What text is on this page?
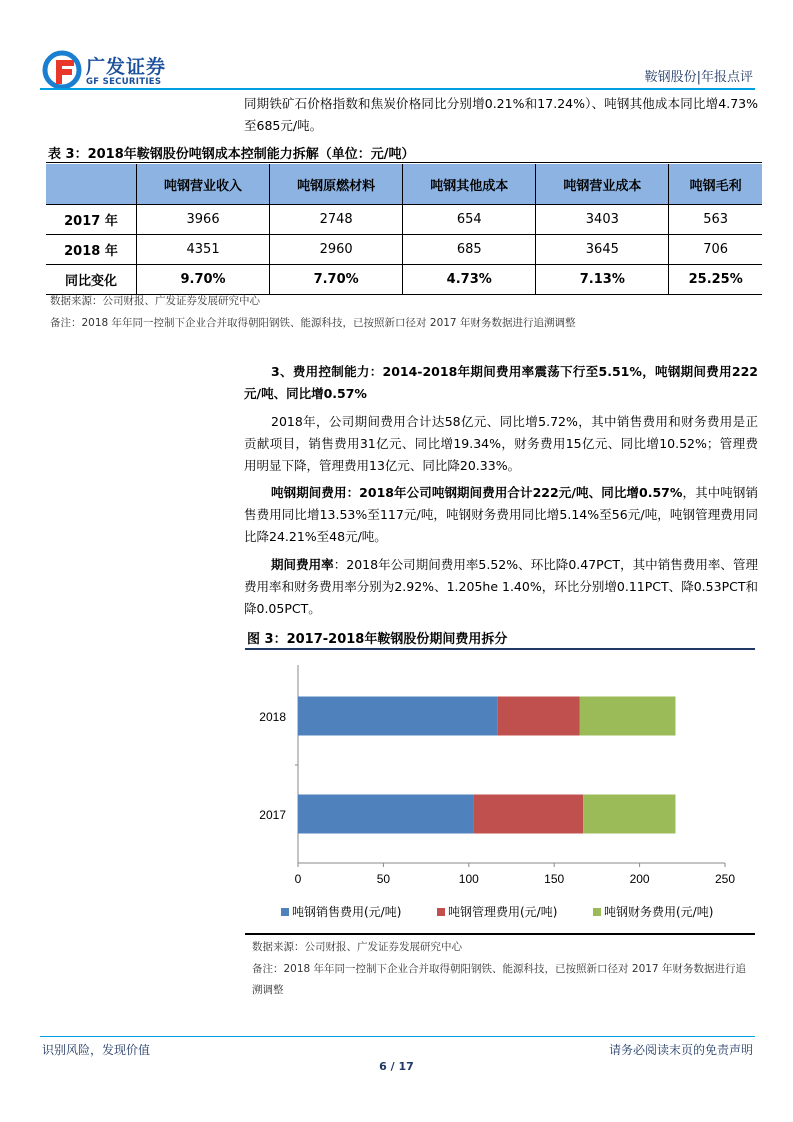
广发证券
GF SECURITIES	鞍钢股份|年报点评
同期铁矿石价格指数和焦炭价格同比分别增0.21%和17.24%）、吨钢其他成本同比增4.73%至685元/吨。
表 3：2018年鞍钢股份吨钢成本控制能力拆解（单位：元/吨）
	吨钢营业收入	吨钢原燃材料	吨钢其他成本	吨钢营业成本	吨钢毛利
2017 年	3966	2748	654	3403	563
2018 年	4351	2960	685	3645	706
同比变化	9.70%	7.70%	4.73%	7.13%	25.25%
数据来源：公司财报、广发证券发展研究中心
备注：2018 年年同一控制下企业合并取得朝阳钢铁、能源科技，已按照新口径对 2017 年财务数据进行追溯调整
3、费用控制能力：2014-2018年期间费用率震荡下行至5.51%，吨钢期间费用222元/吨、同比增0.57%
2018年，公司期间费用合计达58亿元、同比增5.72%，其中销售费用和财务费用是正贡献项目，销售费用31亿元、同比增19.34%，财务费用15亿元、同比增10.52%；管理费用明显下降，管理费用13亿元、同比降20.33%。
吨钢期间费用：2018年公司吨钢期间费用合计222元/吨、同比增0.57%，其中吨钢销售费用同比增13.53%至117元/吨，吨钢财务费用同比增5.14%至56元/吨，吨钢管理费用同比降24.21%至48元/吨。
期间费用率：2018年公司期间费用率5.52%、环比降0.47PCT，其中销售费用率、管理费用率和财务费用率分别为2.92%、1.205he 1.40%，环比分别增0.11PCT、降0.53PCT和降0.05PCT。
图 3：2017-2018年鞍钢股份期间费用拆分
0	50	100	150	200	250
2017
2018
吨钢销售费用(元/吨)	吨钢管理费用(元/吨)	吨钢财务费用(元/吨)
数据来源：公司财报、广发证券发展研究中心
备注：2018 年年同一控制下企业合并取得朝阳钢铁、能源科技，已按照新口径对 2017 年财务数据进行追溯调整
识别风险，发现价值	请务必阅读末页的免责声明
6 / 17
